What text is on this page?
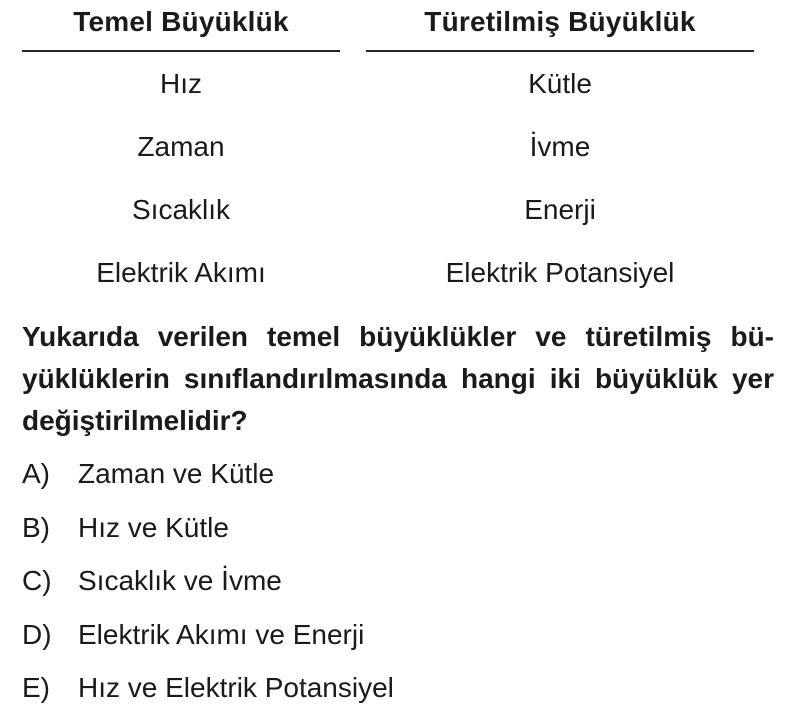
Temel Büyüklük
Hız
Zaman
Sıcaklık
Elektrik Akımı
Türetilmiş Büyüklük
Kütle
İvme
Enerji
Elektrik Potansiyel
Yukarıda verilen temel büyüklükler ve türetilmiş bü-
yüklüklerin sınıflandırılmasında hangi iki büyüklük yer
değiştirilmelidir?
A) Zaman ve Kütle
B) Hız ve Kütle
C) Sıcaklık ve İvme
D) Elektrik Akımı ve Enerji
E) Hız ve Elektrik Potansiyel
